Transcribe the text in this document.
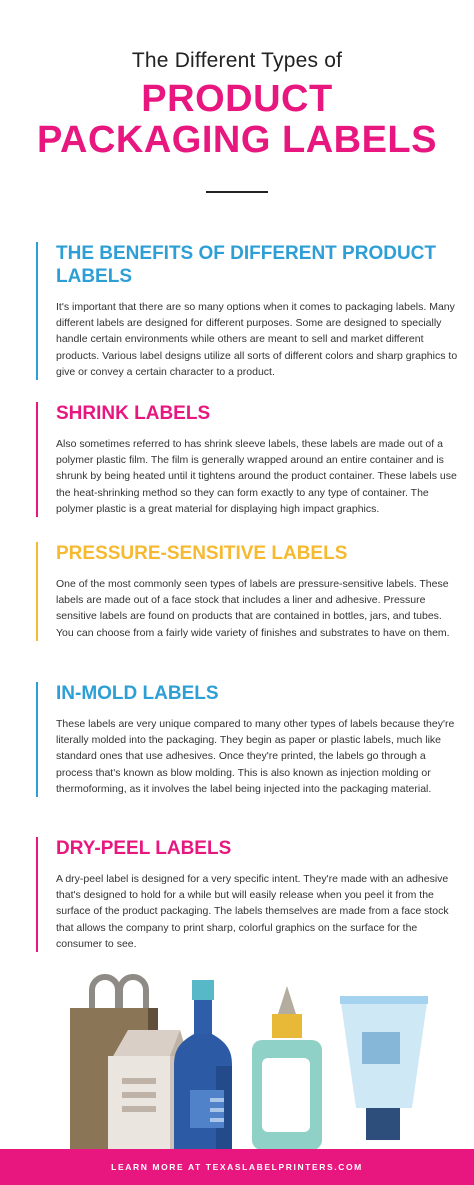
The Different Types of
PRODUCT
PACKAGING LABELS
THE BENEFITS OF DIFFERENT PRODUCT LABELS

It's important that there are so many options when it comes to packaging labels. Many different labels are designed for different purposes. Some are designed to specially handle certain environments while others are meant to sell and market different products. Various label designs utilize all sorts of different colors and sharp graphics to give or convey a certain character to a product.

SHRINK LABELS

Also sometimes referred to has shrink sleeve labels, these labels are made out of a polymer plastic film. The film is generally wrapped around an entire container and is shrunk by being heated until it tightens around the product container. These labels use the heat-shrinking method so they can form exactly to any type of container. The polymer plastic is a great material for displaying high impact graphics.

PRESSURE-SENSITIVE LABELS

One of the most commonly seen types of labels are pressure-sensitive labels. These labels are made out of a face stock that includes a liner and adhesive. Pressure sensitive labels are found on products that are contained in bottles, jars, and tubes. You can choose from a fairly wide variety of finishes and substrates to have on them.

IN-MOLD LABELS

These labels are very unique compared to many other types of labels because they're literally molded into the packaging. They begin as paper or plastic labels, much like standard ones that use adhesives. Once they're printed, the labels go through a process that's known as blow molding. This is also known as injection molding or thermoforming, as it involves the label being injected into the packaging material.

DRY-PEEL LABELS

A dry-peel label is designed for a very specific intent. They're made with an adhesive that's designed to hold for a while but will easily release when you peel it from the surface of the product packaging. The labels themselves are made from a face stock that allows the company to print sharp, colorful graphics on the surface for the consumer to see.

LEARN MORE AT TEXASLABELPRINTERS.COM
